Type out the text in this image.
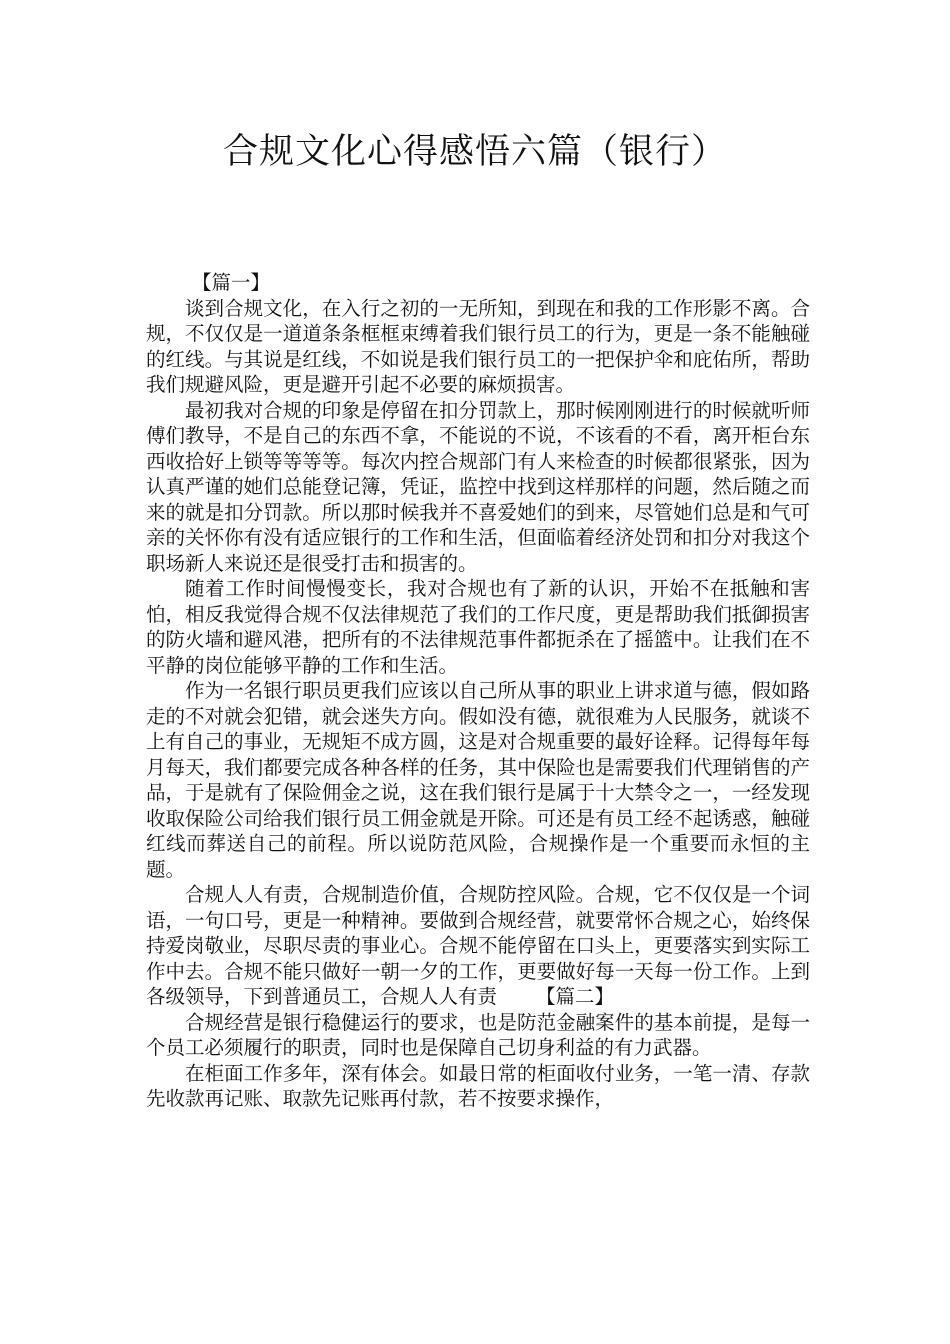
合规文化心得感悟六篇（银行）

【篇一】

谈到合规文化，在入行之初的一无所知，到现在和我的工作形影不离。合规，不仅仅是一道道条条框框束缚着我们银行员工的行为，更是一条不能触碰的红线。与其说是红线，不如说是我们银行员工的一把保护伞和庇佑所，帮助我们规避风险，更是避开引起不必要的麻烦损害。

最初我对合规的印象是停留在扣分罚款上，那时候刚刚进行的时候就听师傅们教导，不是自己的东西不拿，不能说的不说，不该看的不看，离开柜台东西收拾好上锁等等等等。每次内控合规部门有人来检查的时候都很紧张，因为认真严谨的她们总能登记簿，凭证，监控中找到这样那样的问题，然后随之而来的就是扣分罚款。所以那时候我并不喜爱她们的到来，尽管她们总是和气可亲的关怀你有没有适应银行的工作和生活，但面临着经济处罚和扣分对我这个职场新人来说还是很受打击和损害的。

随着工作时间慢慢变长，我对合规也有了新的认识，开始不在抵触和害怕，相反我觉得合规不仅法律规范了我们的工作尺度，更是帮助我们抵御损害的防火墙和避风港，把所有的不法律规范事件都扼杀在了摇篮中。让我们在不平静的岗位能够平静的工作和生活。

作为一名银行职员更我们应该以自己所从事的职业上讲求道与德，假如路走的不对就会犯错，就会迷失方向。假如没有德，就很难为人民服务，就谈不上有自己的事业，无规矩不成方圆，这是对合规重要的最好诠释。记得每年每月每天，我们都要完成各种各样的任务，其中保险也是需要我们代理销售的产品，于是就有了保险佣金之说，这在我们银行是属于十大禁令之一，一经发现收取保险公司给我们银行员工佣金就是开除。可还是有员工经不起诱惑，触碰红线而葬送自己的前程。所以说防范风险，合规操作是一个重要而永恒的主题。

合规人人有责，合规制造价值，合规防控风险。合规，它不仅仅是一个词语，一句口号，更是一种精神。要做到合规经营，就要常怀合规之心，始终保持爱岗敬业，尽职尽责的事业心。合规不能停留在口头上，更要落实到实际工作中去。合规不能只做好一朝一夕的工作，更要做好每一天每一份工作。上到各级领导，下到普通员工，合规人人有责 【篇二】

合规经营是银行稳健运行的要求，也是防范金融案件的基本前提，是每一个员工必须履行的职责，同时也是保障自己切身利益的有力武器。

在柜面工作多年，深有体会。如最日常的柜面收付业务，一笔一清、存款先收款再记账、取款先记账再付款，若不按要求操作，
